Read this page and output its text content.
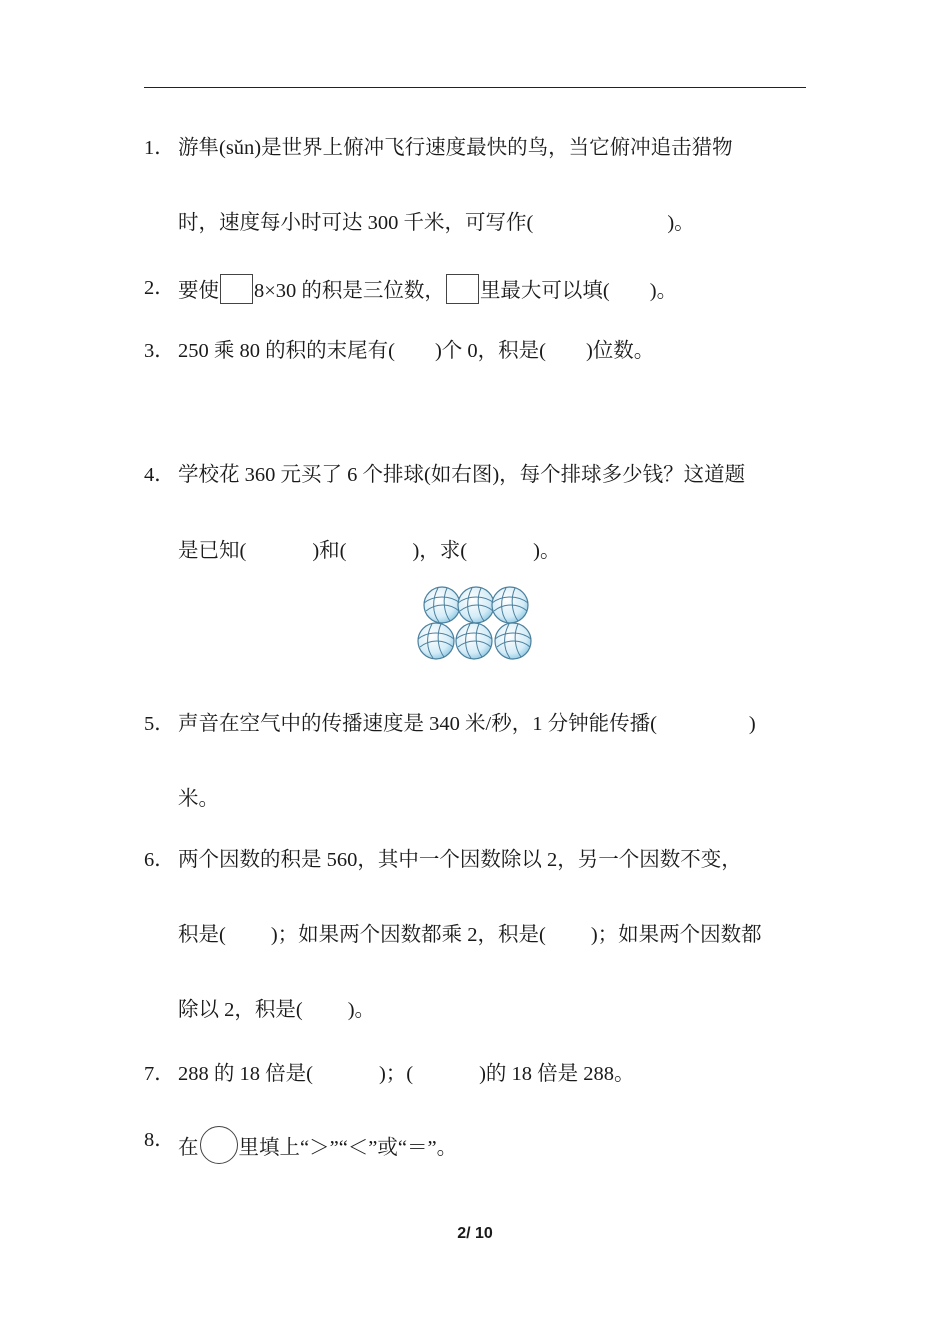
1． 游隼(sǔn)是世界上俯冲飞行速度最快的鸟，当它俯冲追击猎物
时，速度每小时可达 300 千米，可写作(	)。
2． 要使 8×30 的积是三位数， 里最大可以填( )。
3． 250 乘 80 的积的末尾有( )个 0，积是( )位数。
4． 学校花 360 元买了 6 个排球(如右图)，每个排球多少钱？这道题
是已知(	)和(	)，求(	)。
5． 声音在空气中的传播速度是 340 米/秒，1 分钟能传播(	)
米。
6． 两个因数的积是 560，其中一个因数除以 2，另一个因数不变，
积是( )；如果两个因数都乘 2，积是( )；如果两个因数都
除以 2，积是( )。
7． 288 的 18 倍是(	)；(	)的 18 倍是 288。
8． 在 里填上“＞”“＜”或“＝”。
2/ 10
